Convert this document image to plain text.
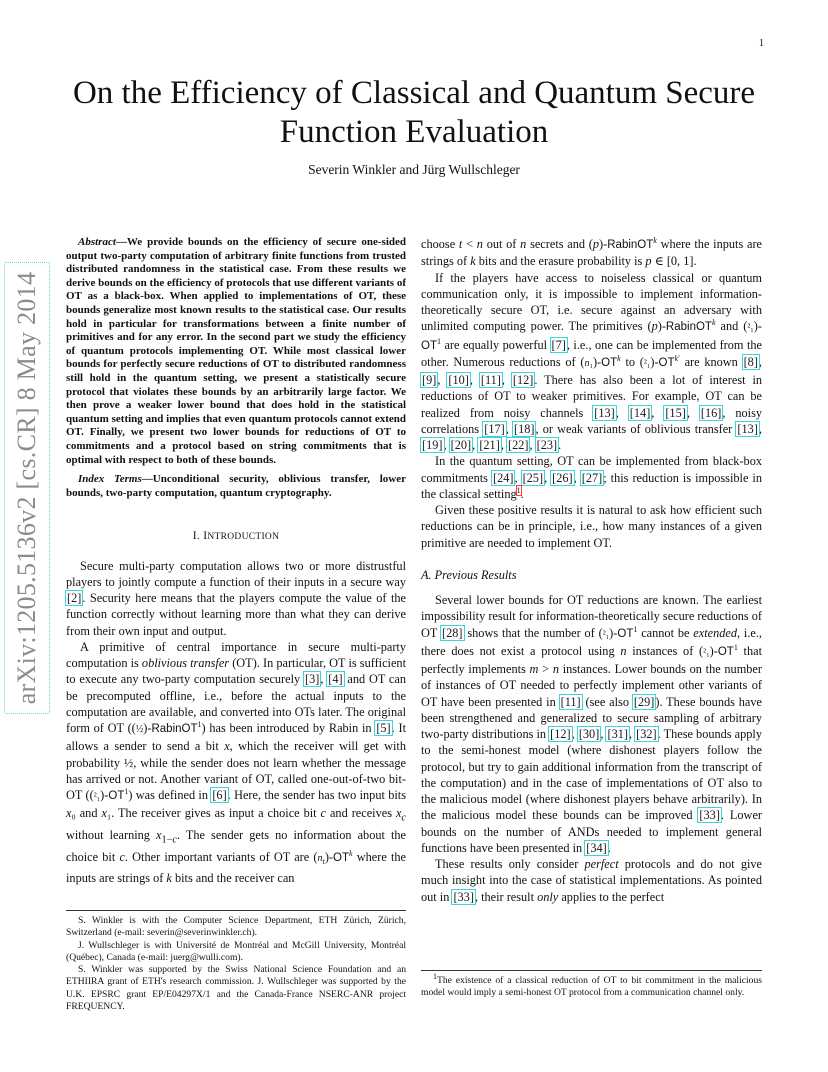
1
arXiv:1205.5136v2 [cs.CR] 8 May 2014
On the Efficiency of Classical and Quantum Secure Function Evaluation
Severin Winkler and Jürg Wullschleger

Abstract—We provide bounds on the efficiency of secure one-sided output two-party computation of arbitrary finite functions from trusted distributed randomness in the statistical case. From these results we derive bounds on the efficiency of protocols that use different variants of OT as a black-box. When applied to implementations of OT, these bounds generalize most known results to the statistical case. Our results hold in particular for transformations between a finite number of primitives and for any error. In the second part we study the efficiency of quantum protocols implementing OT. While most classical lower bounds for perfectly secure reductions of OT to distributed randomness still hold in the quantum setting, we present a statistically secure protocol that violates these bounds by an arbitrarily large factor. We then prove a weaker lower bound that does hold in the statistical quantum setting and implies that even quantum protocols cannot extend OT. Finally, we present two lower bounds for reductions of OT to commitments and a protocol based on string commitments that is optimal with respect to both of these bounds.

Index Terms—Unconditional security, oblivious transfer, lower bounds, two-party computation, quantum cryptography.

I. INTRODUCTION

Secure multi-party computation allows two or more distrustful players to jointly compute a function of their inputs in a secure way [2]. Security here means that the players compute the value of the function correctly without learning more than what they can derive from their own input and output.

A primitive of central importance in secure multi-party computation is oblivious transfer (OT). In particular, OT is sufficient to execute any two-party computation securely [3], [4] and OT can be precomputed offline, i.e., before the actual inputs to the computation are available, and converted into OTs later. The original form of OT ((½)-RabinOT$^1$) has been introduced by Rabin in [5]. It allows a sender to send a bit x, which the receiver will get with probability ½, while the sender does not learn whether the message has arrived or not. Another variant of OT, called one-out-of-two bit-OT $((^2_1)-OT^1)$ was defined in [6]. Here, the sender has two input bits x₀ and x₁. The receiver gives as input a choice bit c and receives $x_c$ without learning $x_{1-c}$. The sender gets no information about the choice bit c. Other important variants of OT are $(n_t)-OT^k$ where the inputs are strings of k bits and the receiver can

S. Winkler is with the Computer Science Department, ETH Zürich, Zürich, Switzerland (e-mail: severin@severinwinkler.ch).

J. Wullschleger is with Université de Montréal and McGill University, Montréal (Québec), Canada (e-mail: juerg@wulli.com).

S. Winkler was supported by the Swiss National Science Foundation and an ETHIIRA grant of ETH's research commission. J. Wullschleger was supported by the U.K. EPSRC grant EP/E04297X/1 and the Canada-France NSERC-ANR project FREQUENCY.

choose t < n out of n secrets and (p)-RabinOT$^k$ where the inputs are strings of k bits and the erasure probability is p ∈ [0, 1].

If the players have access to noiseless classical or quantum communication only, it is impossible to implement information-theoretically secure OT, i.e. secure against an adversary with unlimited computing power. The primitives (p)-RabinOT$^k$ and $(^2_1)-OT^1$ are equally powerful [7], i.e., one can be implemented from the other. Numerous reductions of $(n_1)-OT^k$ to $(^2_1)-OT^{k'}$ are known [8], [9], [10], [11], [12]. There has also been a lot of interest in reductions of OT to weaker primitives. For example, OT can be realized from noisy channels [13], [14], [15], [16], noisy correlations [17], [18], or weak variants of oblivious transfer [13], [19], [20], [21], [22], [23].

In the quantum setting, OT can be implemented from black-box commitments [24], [25], [26], [27]; this reduction is impossible in the classical setting$^1$.

Given these positive results it is natural to ask how efficient such reductions can be in principle, i.e., how many instances of a given primitive are needed to implement OT.

A. Previous Results

Several lower bounds for OT reductions are known. The earliest impossibility result for information-theoretically secure reductions of OT [28] shows that the number of $(^2_1)-OT^1$ cannot be extended, i.e., there does not exist a protocol using n instances of $(^2_1)-OT^1$ that perfectly implements m > n instances. Lower bounds on the number of instances of OT needed to perfectly implement other variants of OT have been presented in [11] (see also [29]). These bounds have been strengthened and generalized to secure sampling of arbitrary two-party distributions in [12], [30], [31], [32]. These bounds apply to the semi-honest model (where dishonest players follow the protocol, but try to gain additional information from the transcript of the computation) and in the case of implementations of OT also to the malicious model (where dishonest players behave arbitrarily). In the malicious model these bounds can be improved [33]. Lower bounds on the number of ANDs needed to implement general functions have been presented in [34].

These results only consider perfect protocols and do not give much insight into the case of statistical implementations. As pointed out in [33], their result only applies to the perfect

$^1$The existence of a classical reduction of OT to bit commitment in the malicious model would imply a semi-honest OT protocol from a communication channel only.
